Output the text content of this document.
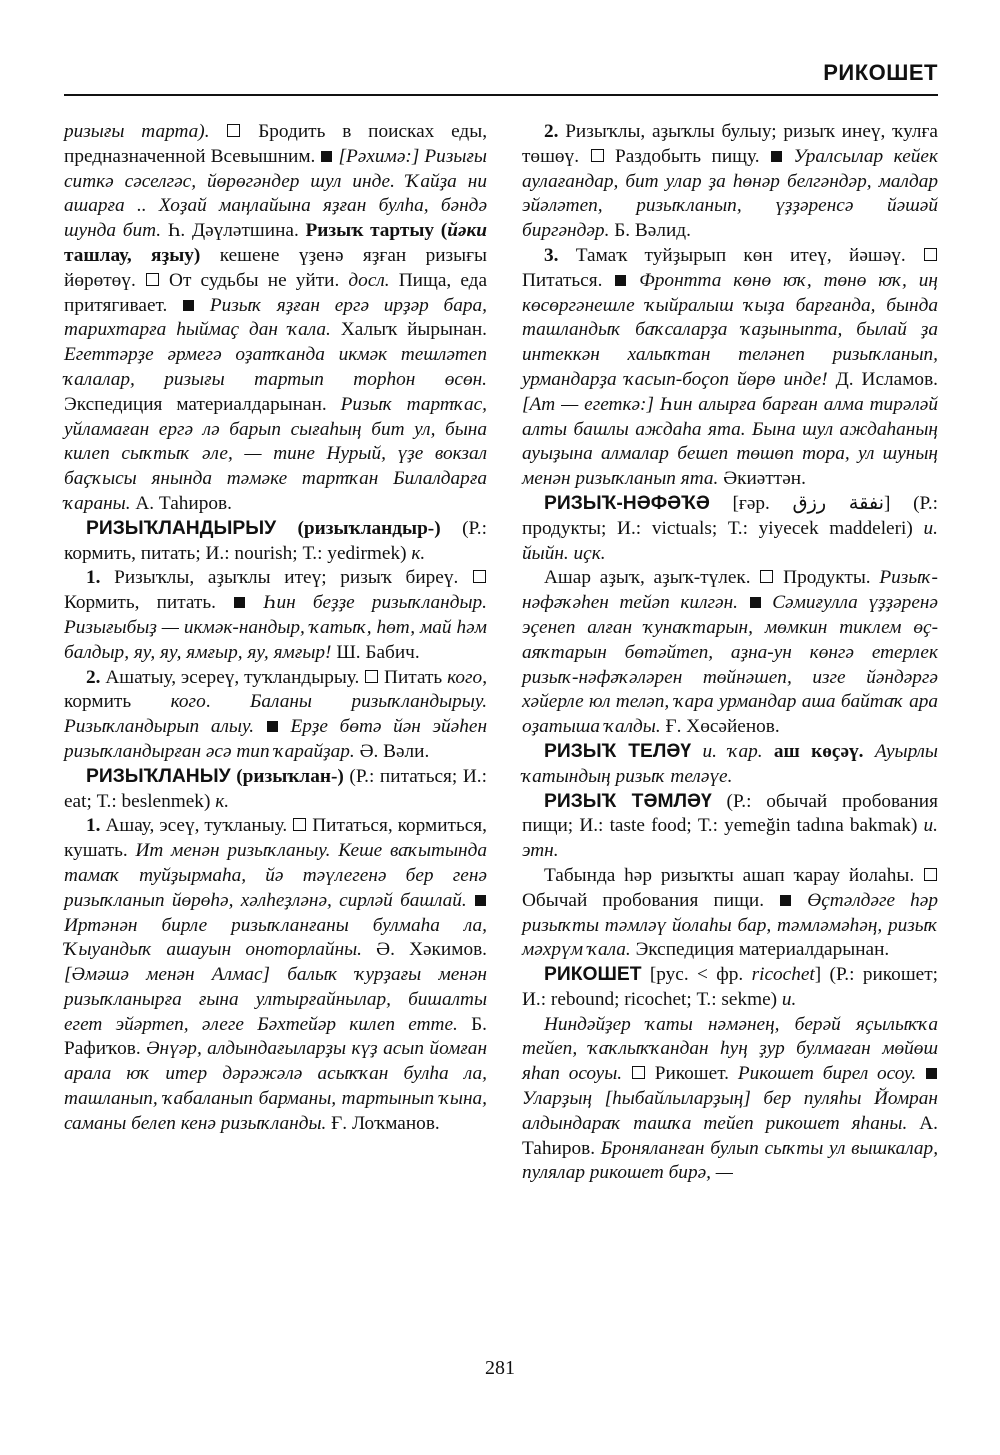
РИКОШЕТ

ризығы тарта).  Бродить в поисках еды, предназначенной Всевышним.  [Рәхимә:] Ризығы ситкә сәселгәс, йөрөгәндер шул инде. Ҡайҙа ни ашарға .. Хоҙай маңлайына яҙған булһа, бәндә шунда бит. Һ. Дәүләтшина. Ризыҡ тартыу (йәки ташлау, яҙыу) кешене үҙенә яҙған ризығы йөрөтөү.  От судьбы не уйти. досл. Пища, еда притягивает.  Ризыҡ яҙған ергә ирҙәр бара, тарихтарға һыймаҫ дан ҡала. Халыҡ йырынан. Егеттәрҙе әрмегә оҙатҡанда икмәк тешләтеп ҡалалар, ризығы тартып торһон өсөн. Экспедиция материалдарынан. Ризыҡ тартҡас, уйламаған ергә лә барып сығаһың бит ул, бына килеп сыҡтыҡ әле, — тине Нурый, үҙе вокзал баҫҡысы янында тәмәке тартҡан Билалдарға ҡараны. А. Таһиров.

РИЗЫҠЛАНДЫРЫУ (ризыҡландыр-) (Р.: кормить, питать; И.: nourish; Т.: yedirmek) к.

1. Ризыҡлы, аҙыҡлы итеү; ризыҡ биреү.  Кормить, питать.  Һин беҙҙе ризыҡландыр. Ризығыбыҙ — икмәк-нандыр, ҡатыҡ, һөт, май һәм балдыр, яу, яу, ямғыр, яу, ямғыр! Ш. Бабич.

2. Ашатыу, эсереү, туҡландырыу.  Питать кого, кормить кого. Баланы ризыҡландырыу. Ризыҡландырып алыу.  Ерҙе бөтә йән эйәһен ризыҡландырған әсә тип ҡарайҙар. Ә. Вәли.

РИЗЫҠЛАНЫУ (ризыҡлан-) (Р.: питаться; И.: eat; Т.: beslenmek) к.

1. Ашау, эсеү, туҡланыу.  Питаться, кормиться, кушать. Ит менән ризыҡланыу. Кеше ваҡытында тамаҡ туйҙырмаһа, йә тәүлегенә бер генә ризыҡланып йөрөһә, хәлһеҙләнә, сирләй башлай.  Иртәнән бирле ризыҡланғаны булмаһа ла, Ҡыуандыҡ ашауын оноторлайны. Ә. Хәкимов. [Әмәшә менән Алмас] балыҡ ҡурҙағы менән ризыҡланырға ғына ултырғайнылар, бишалты егет эйәртеп, әлеге Бәхтейәр килеп етте. Б. Рафиҡов. Әнүәр, алдындағыларҙы күҙ асып йомған арала юҡ итер дәрәжәлә асыҡҡан булһа ла, ташланып, ҡабаланып барманы, тартынып ҡына, саманы белеп кенә ризыҡланды. Ғ. Лоҡманов.

2. Ризыҡлы, аҙыҡлы булыу; ризыҡ инеү, ҡулға төшөү.  Раздобыть пищу.  Уралсылар кейек аулағандар, бит улар ҙа һөнәр белгәндәр, малдар эйәләтеп, ризыҡланып, үҙҙәренсә йәшәй биргәндәр. Б. Вәлид.

3. Тамаҡ туйҙырып көн итеү, йәшәү.  Питаться.  Фронтта көнө юҡ, төнө юҡ, иң көсөргәнешле ҡыйралыш ҡыҙа барғанда, бында ташландыҡ баҡсаларҙа ҡаҙыныптa, былай ҙа интеккән халыҡтан теләнеп ризыҡланып, урмандарҙа ҡасып-боҫоп йөрө инде! Д. Исламов. [Ат — егеткә:] Һин алырға барған алма тирәләй алты башлы аждаһа ята. Бына шул аждаһаның ауыҙына алмалар бешеп төшөп тора, ул шуның менән ризыҡланып ята. Әкиәттән.

РИЗЫҠ-НӘФӘҠӘ [ғәр. نفقة رزق] (Р.: продукты; И.: victuals; Т.: yiyecek maddeleri) и. йыйн. иҫк.

Ашар аҙыҡ, аҙыҡ-түлек.  Продукты. Ризыҡ-нәфәҡәһен тейәп килгән.  Сәмиғулла үҙҙәренә эҫенеп алған ҡунаҡтарын, мөмкин тиклем өҫ-аяҡтарын бөтәйтеп, аҙна-ун көнгә етерлек ризыҡ-нәфәҡәләрен төйнәшеп, изге йәндәргә хәйерле юл теләп, ҡара урмандар аша байтаҡ ара оҙатыша ҡалды. Ғ. Хөсәйенов.

РИЗЫҠ ТЕЛӘҮ и. ҡар. аш көҫәү. Ауырлы ҡатындың ризыҡ теләүе.

РИЗЫҠ ТӘМЛӘҮ (Р.: обычай пробования пищи; И.: taste food; Т.: yemeğin tadına bakmak) и. этн.

Табында һәр ризыҡты ашап ҡарау йолаһы.  Обычай пробования пищи.  Өҫтәлдәге һәр ризыҡты тәмләү йолаһы бар, тәмләмәһәң, ризыҡ мәхрүм ҡала. Экспедиция материалдарынан.

РИКОШЕТ [рус. < фр. ricochet] (Р.: рикошет; И.: rebound; ricochet; Т.: sekme) и.

Ниндәйҙер ҡаты нәмәнең, берәй яҫылыҡҡа тейеп, ҡаҡлыҡҡандан һуң ҙур булмаған мөйөш яһап осоуы.  Рикошет. Рикошет бирел осоу.  Уларҙың [һыбайлыларҙың] бер пуляһы Йомран алдындараҡ ташҡа тейеп рикошет яһаны. А. Таһиров. Броняланған булып сыҡты ул вышкалар, пулялар рикошет бирә, —

281
